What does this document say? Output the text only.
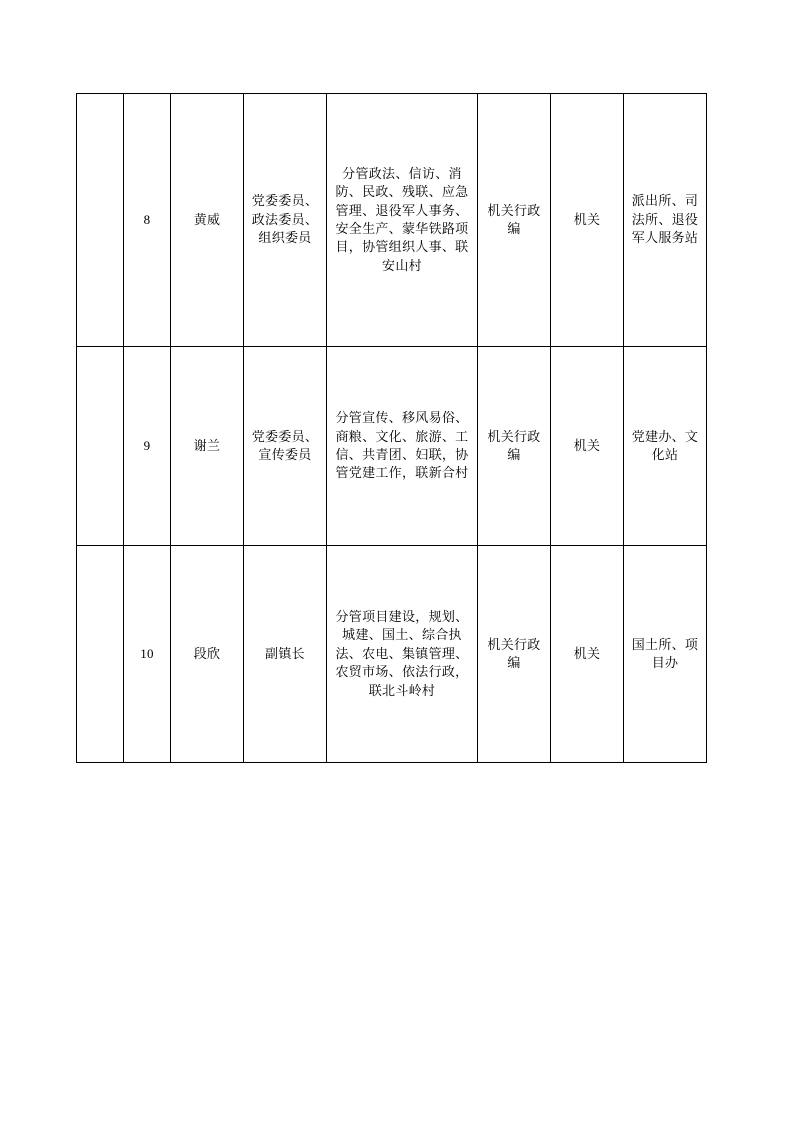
	8	黄威	党委委员、政法委员、组织委员	分管政法、信访、消防、民政、残联、应急管理、退役军人事务、安全生产、蒙华铁路项目，协管组织人事、联安山村	机关行政编	机关	派出所、司法所、退役军人服务站
	9	谢兰	党委委员、宣传委员	分管宣传、移风易俗、商粮、文化、旅游、工信、共青团、妇联，协管党建工作，联新合村	机关行政编	机关	党建办、文化站
	10	段欣	副镇长	分管项目建设，规划、城建、国土、综合执法、农电、集镇管理、农贸市场、依法行政，联北斗岭村	机关行政编	机关	国土所、项目办
